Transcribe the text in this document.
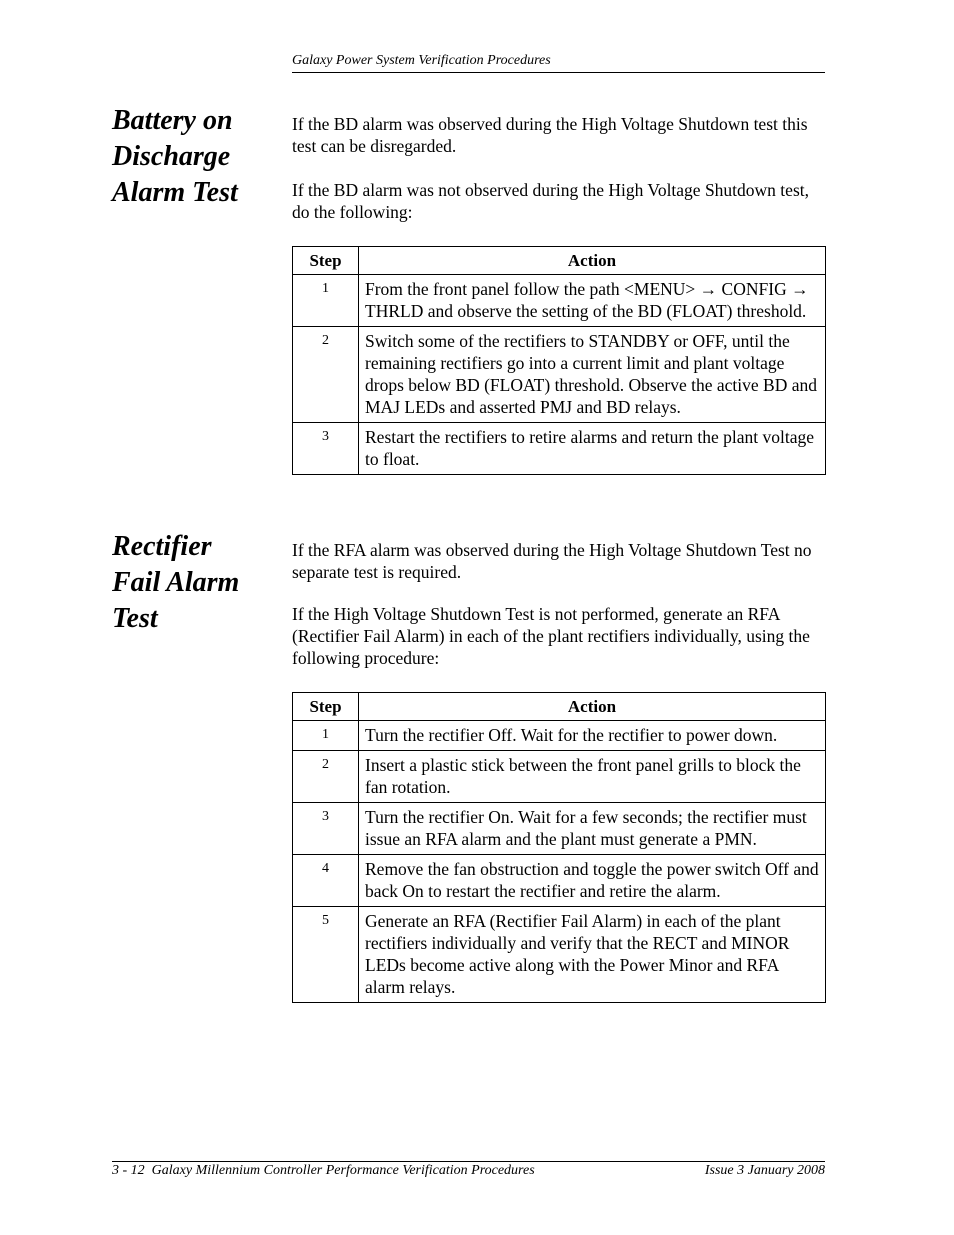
Galaxy Power System Verification Procedures
Battery on
Discharge
Alarm Test

If the BD alarm was observed during the High Voltage Shutdown test this test can be disregarded.

If the BD alarm was not observed during the High Voltage Shutdown test, do the following:

Step	Action
1	From the front panel follow the path <MENU> → CONFIG → THRLD and observe the setting of the BD (FLOAT) threshold.
2	Switch some of the rectifiers to STANDBY or OFF, until the remaining rectifiers go into a current limit and plant voltage drops below BD (FLOAT) threshold. Observe the active BD and MAJ LEDs and asserted PMJ and BD relays.
3	Restart the rectifiers to retire alarms and return the plant voltage to float.
Rectifier
Fail Alarm
Test

If the RFA alarm was observed during the High Voltage Shutdown Test no separate test is required.

If the High Voltage Shutdown Test is not performed, generate an RFA (Rectifier Fail Alarm) in each of the plant rectifiers individually, using the following procedure:

Step	Action
1	Turn the rectifier Off. Wait for the rectifier to power down.
2	Insert a plastic stick between the front panel grills to block the fan rotation.
3	Turn the rectifier On. Wait for a few seconds; the rectifier must issue an RFA alarm and the plant must generate a PMN.
4	Remove the fan obstruction and toggle the power switch Off and back On to restart the rectifier and retire the alarm.
5	Generate an RFA (Rectifier Fail Alarm) in each of the plant rectifiers individually and verify that the RECT and MINOR LEDs become active along with the Power Minor and RFA alarm relays.
3 - 12  Galaxy Millennium Controller Performance Verification Procedures	Issue 3 January 2008
